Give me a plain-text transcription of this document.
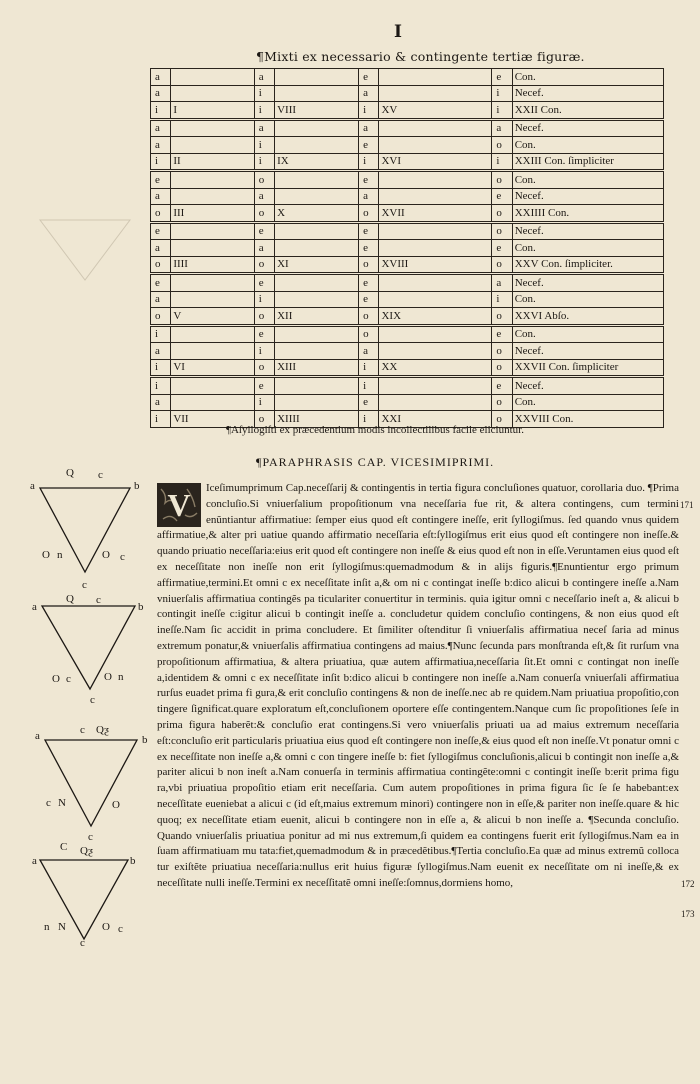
I
¶Mixti ex necessario & contingente tertiæ figuræ.
a		a		e		e	Con.
a		i		a		i	Necef.
i	I	i	VIII	i	XV	i	XXII Con.
a		a		a		a	Necef.
a		i		e		o	Con.
i	II	i	IX	i	XVI	i	XXIII Con. ſimpliciter
e		o		e		o	Con.
a		a		a		e	Necef.
o	III	o	X	o	XVII	o	XXIIII Con.
e		e		e		o	Necef.
a		a		e		e	Con.
o	IIII	o	XI	o	XVIII	o	XXV Con. ſimpliciter.
e		e		e		a	Necef.
a		i		e		i	Con.
o	V	o	XII	o	XIX	o	XXVI Abſo.
i		e		o		e	Con.
a		i		a		o	Necef.
i	VI	o	XIII	i	XX	o	XXVII Con. ſimpliciter
i		e		i		e	Necef.
a		i		e		o	Con.
i	VII	o	XIIII	i	XXI	o	XXVIII Con.
¶Aſyllogiſti ex præcedentium modis incollectilibus facile eliciuntur.
¶PARAPHRASIS CAP. VICESIMIPRIMI.
V Iceſimumprimum Cap.neceſſarij & contingentis in tertia figura concluſiones quatuor, corollaria duo. ¶Prima concluſio.Si vniuerſalium propoſitionum vna neceſſaria fue rit, & altera contingens, cum termini enũntiantur affirmatiue: ſemper eius quod eſt contingere ineſſe, erit ſyllogiſmus. ſed quando vnus quidem affirmatiue,& alter pri uatiue quando affirmatio neceſſaria eſt:ſyllogiſmus erit eius quod eſt contingere non ineſſe.& quando priuatio neceſſaria:eius erit quod eſt contingere non ineſſe & eius quod eſt non in eſſe.Veruntamen eius quod eſt ex neceſſitate non ineſſe non erit ſyllogiſmus:quemadmodum & in alijs figuris.¶Enuntientur ergo primum affirmatiue,termini.Et omni c ex neceſſitate inſit a,& om ni c contingat ineſſe b:dico alicui b contingere ineſſe a.Nam vniuerſalis affirmatiua contingẽs pa ticulariter conuertitur in terminis. quia igitur omni c neceſſario ineſt a, & alicui b contingit ineſſe c:igitur alicui b contingit ineſſe a. concludetur quidem concluſio contingens, & non eius quod eſt ineſſe.Nam ſic accidit in prima concludere. Et ſimiliter oſtenditur ſi vniuerſalis affirmatiua neceſ ſaria ad minus extremum ponatur,& vniuerſalis affirmatiua contingens ad maius.¶Nunc ſecunda pars monſtranda eſt,& ſit rurſum vna propoſitionum affirmatiua, & altera priuatiua, quæ autem affirmatiua,neceſſaria ſit.Et omni c contingat non ineſſe a,identidem & omni c ex neceſſitate inſit b:dico alicui b contingere non ineſſe a.Nam conuerſa vniuerſali affirmatiua rurſus euadet prima fi gura,& erit concluſio contingens & non de ineſſe.nec ab re quidem.Nam priuatiua propoſitio,con tingere ſignificat.quare exploratum eſt,concluſionem oportere eſſe contingentem.Nanque cum ſic propoſitiones ſeſe in prima figura haberẽt:& concluſio erat contingens.Si vero vniuerſalis priuati ua ad maius extremum neceſſaria eſt:concluſio erit particularis priuatiua eius quod eſt contingere non ineſſe,& eius quod eſt non ineſſe.Vt ponatur omni c ex neceſſitate non ineſſe a,& omni c con tingere ineſſe b: fiet ſyllogiſmus concluſionis,alicui b contingit non ineſſe a,& pariter alicui b non ineſt a.Nam conuerſa in terminis affirmatiua contingẽte:omni c contingit ineſſe b:erit prima figu ra,vbi priuatiua propoſitio etiam erit neceſſaria. Cum autem propoſitiones in prima figura ſic ſe ſe habebant:ex neceſſitate eueniebat a alicui c (id eſt,maius extremum minori) contingere non in eſſe,& pariter non ineſſe.quare & hic quoq; ex neceſſitate etiam euenit, alicui b contingere non in eſſe a, & alicui b non ineſſe a. ¶Secunda concluſio. Quando vniuerſalis priuatiua ponitur ad mi nus extremum,ſi quidem ea contingens fuerit erit ſyllogiſmus.Nam ea in ſuam affirmatiuam mu tata:fiet,quemadmodum & in præcedẽtibus.¶Tertia concluſio.Ea quæ ad minus extremũ colloca tur exiſtẽte priuatiua neceſſaria:nullus erit huius figuræ ſyllogiſmus.Nam euenit ex neceſſitate om ni ineſſe,& ex neceſſitate nulli ineſſe.Termini ex neceſſitatẽ omni ineſſe:ſomnus,dormiens homo,
171
172
173
Q c
a	b
O n	O c
c
Q c
a	b
O c	O n
c
c Qƺ
a	b
c N	O
c
C Qƺ
a	b
n N	O c
c
